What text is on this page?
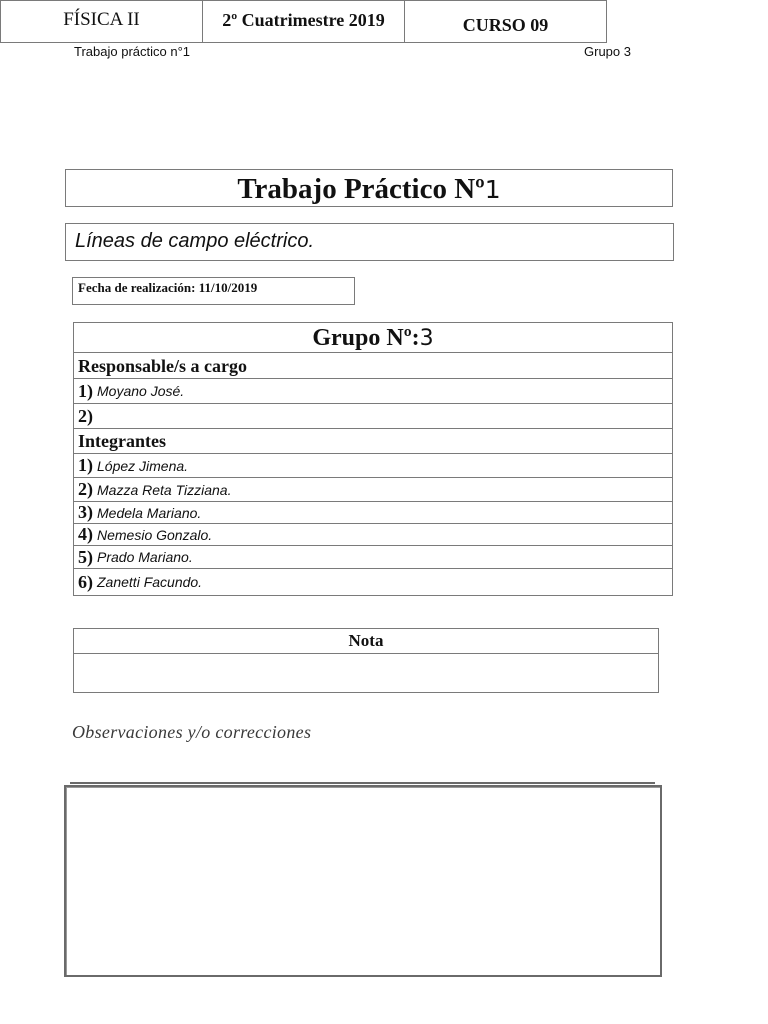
Trabajo práctico n°1	Grupo 3
FÍSICA II	2º Cuatrimestre 2019	CURSO 09
Trabajo Práctico Nº1
Líneas de campo eléctrico.
Fecha de realización: 11/10/2019
Grupo Nº:3
Responsable/s a cargo
1) Moyano José.
2)
Integrantes
1) López Jimena.
2) Mazza Reta Tizziana.
3) Medela Mariano.
4) Nemesio Gonzalo.
5) Prado Mariano.
6) Zanetti Facundo.
Nota
Observaciones y/o correcciones
